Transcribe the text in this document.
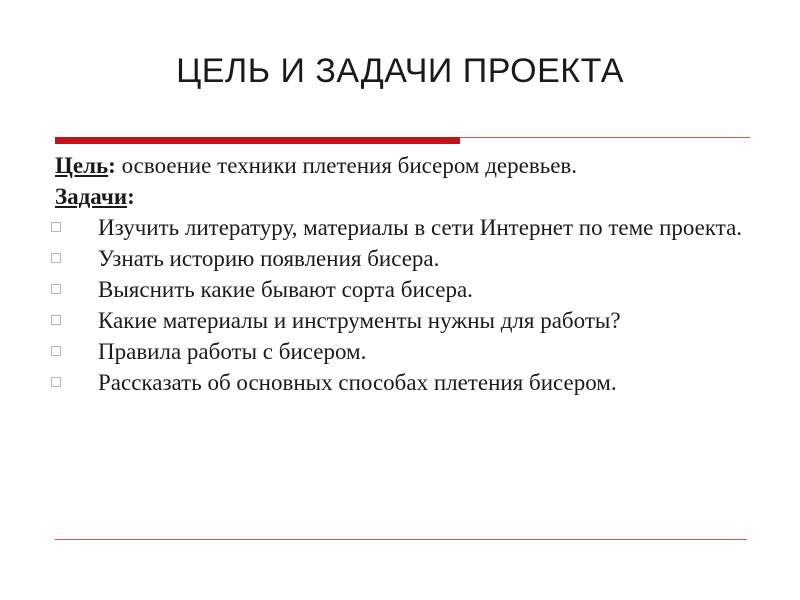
ЦЕЛЬ И ЗАДАЧИ ПРОЕКТА
Цель: освоение техники плетения бисером деревьев.
Задачи:
Изучить литературу, материалы в сети Интернет по теме проекта.
Узнать историю появления бисера.
Выяснить какие бывают сорта бисера.
Какие материалы и инструменты нужны для работы?
Правила работы с бисером.
Рассказать об основных способах плетения бисером.
